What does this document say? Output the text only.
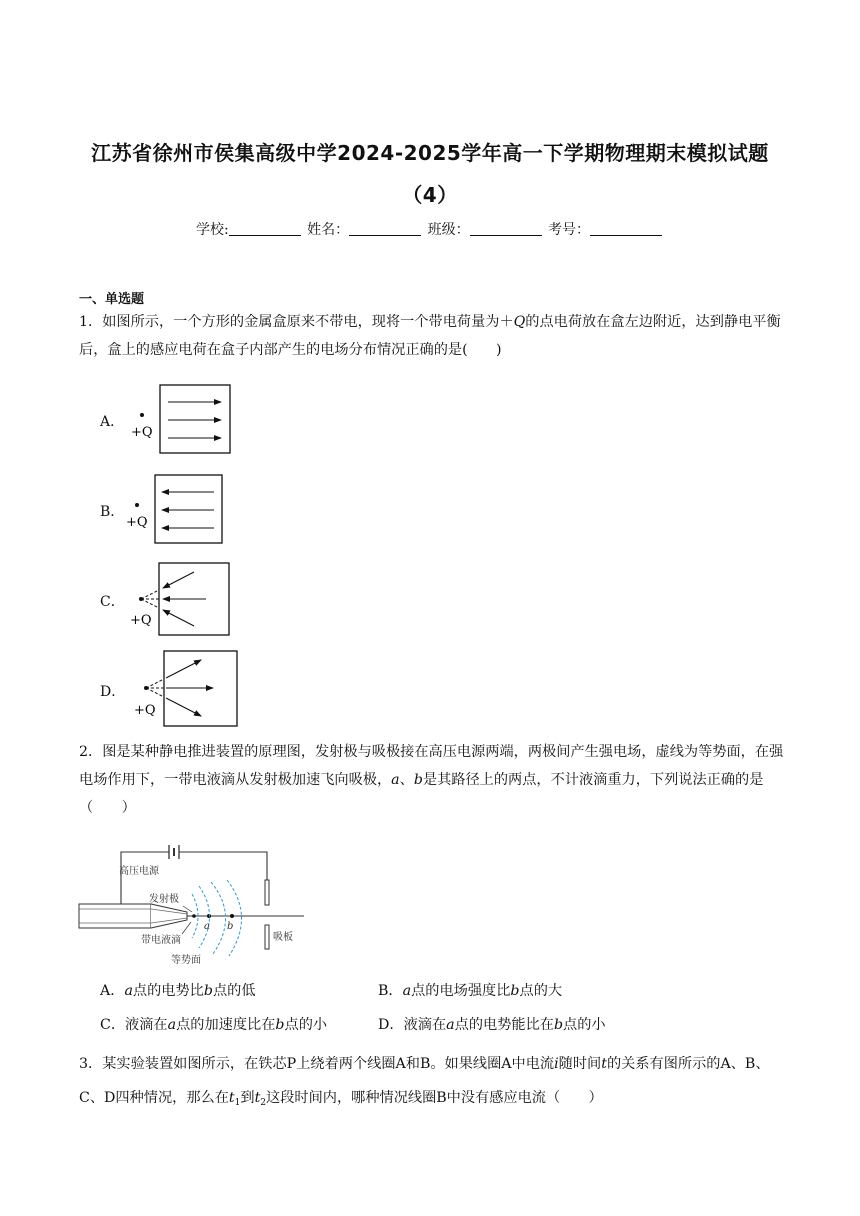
江苏省徐州市侯集高级中学2024-2025学年高一下学期物理期末模拟试题
（4）
学校:	姓名：	班级：	考号：
一、单选题
1．如图所示，一个方形的金属盒原来不带电，现将一个带电荷量为＋Q的点电荷放在盒左边附近，达到静电平衡后，盒上的感应电荷在盒子内部产生的电场分布情况正确的是(　　)
A．
+Q
B．
+Q
C．
+Q
D．
+Q
2．图是某种静电推进装置的原理图，发射极与吸极接在高压电源两端，两极间产生强电场，虚线为等势面，在强电场作用下，一带电液滴从发射极加速飞向吸极，a、b是其路径上的两点，不计液滴重力，下列说法正确的是（　　）
高压电源
发射极
带电液滴
等势面
吸板
a b
A．a点的电势比b点的低	B．a点的电场强度比b点的大
C．液滴在a点的加速度比在b点的小	D．液滴在a点的电势能比在b点的小
3．某实验装置如图所示，在铁芯P上绕着两个线圈A和B。如果线圈A中电流i随时间t的关系有图所示的A、B、C、D四种情况，那么在$t_1$到$t_2$这段时间内，哪种情况线圈B中没有感应电流（　　）
